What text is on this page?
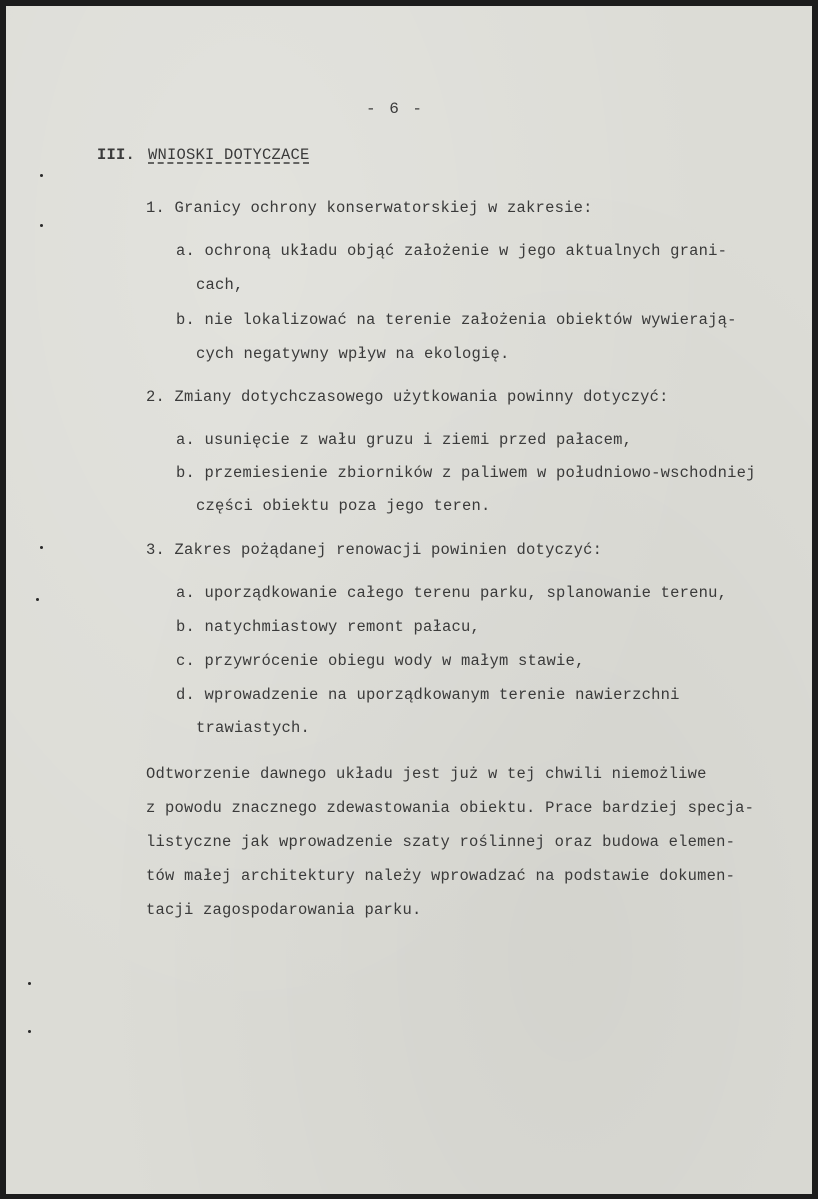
- 6 -
III. WNIOSKI DOTYCZACE
1. Granicy ochrony konserwatorskiej w zakresie:
a. ochroną układu objąć założenie w jego aktualnych grani-
cach,
b. nie lokalizować na terenie założenia obiektów wywierają-
cych negatywny wpływ na ekologię.
2. Zmiany dotychczasowego użytkowania powinny dotyczyć:
a. usunięcie z wału gruzu i ziemi przed pałacem,
b. przemiesienie zbiorników z paliwem w południowo-wschodniej
części obiektu poza jego teren.
3. Zakres pożądanej renowacji powinien dotyczyć:
a. uporządkowanie całego terenu parku, splanowanie terenu,
b. natychmiastowy remont pałacu,
c. przywrócenie obiegu wody w małym stawie,
d. wprowadzenie na uporządkowanym terenie nawierzchni
trawiastych.
Odtworzenie dawnego układu jest już w tej chwili niemożliwe
z powodu znacznego zdewastowania obiektu. Prace bardziej specja-
listyczne jak wprowadzenie szaty roślinnej oraz budowa elemen-
tów małej architektury należy wprowadzać na podstawie dokumen-
tacji zagospodarowania parku.
